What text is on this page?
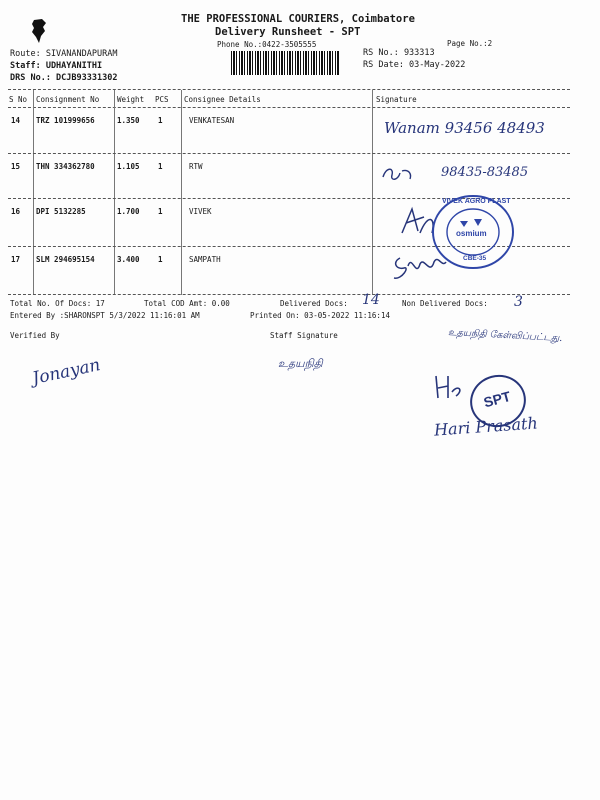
THE PROFESSIONAL COURIERS, Coimbatore
Delivery Runsheet - SPT
Phone No.:0422-3505555	Page No.:2
Route: SIVANANDAPURAM
Staff: UDHAYANITHI
DRS No.: DCJB93331302
RS No.: 933313
RS Date: 03-May-2022
S No Consignment No Weight PCS Consignee Details	Signature
14 TRZ 101999656	1.350 1	VENKATESAN	Wanam 93456 48493
15 THN 334362780	1.105 1	RTW	98435-83485
16 DPI 5132285	1.700 1	VIVEK
17 SLM 294695154	3.400 1	SAMPATH
VIVEK AGRO PLAST
osmium
CBE-35
Total No. Of Docs: 17	Total COD Amt: 0.00	Delivered Docs: 14	Non Delivered Docs: 3
Entered By :SHARONSPT 5/3/2022 11:16:01 AM	Printed On: 03-05-2022 11:16:14
Verified By	Staff Signature
Jonayan	உதயநிதி
உதயநிதி கேள்விப்பட்டது.
SPT
Hari Prasath
